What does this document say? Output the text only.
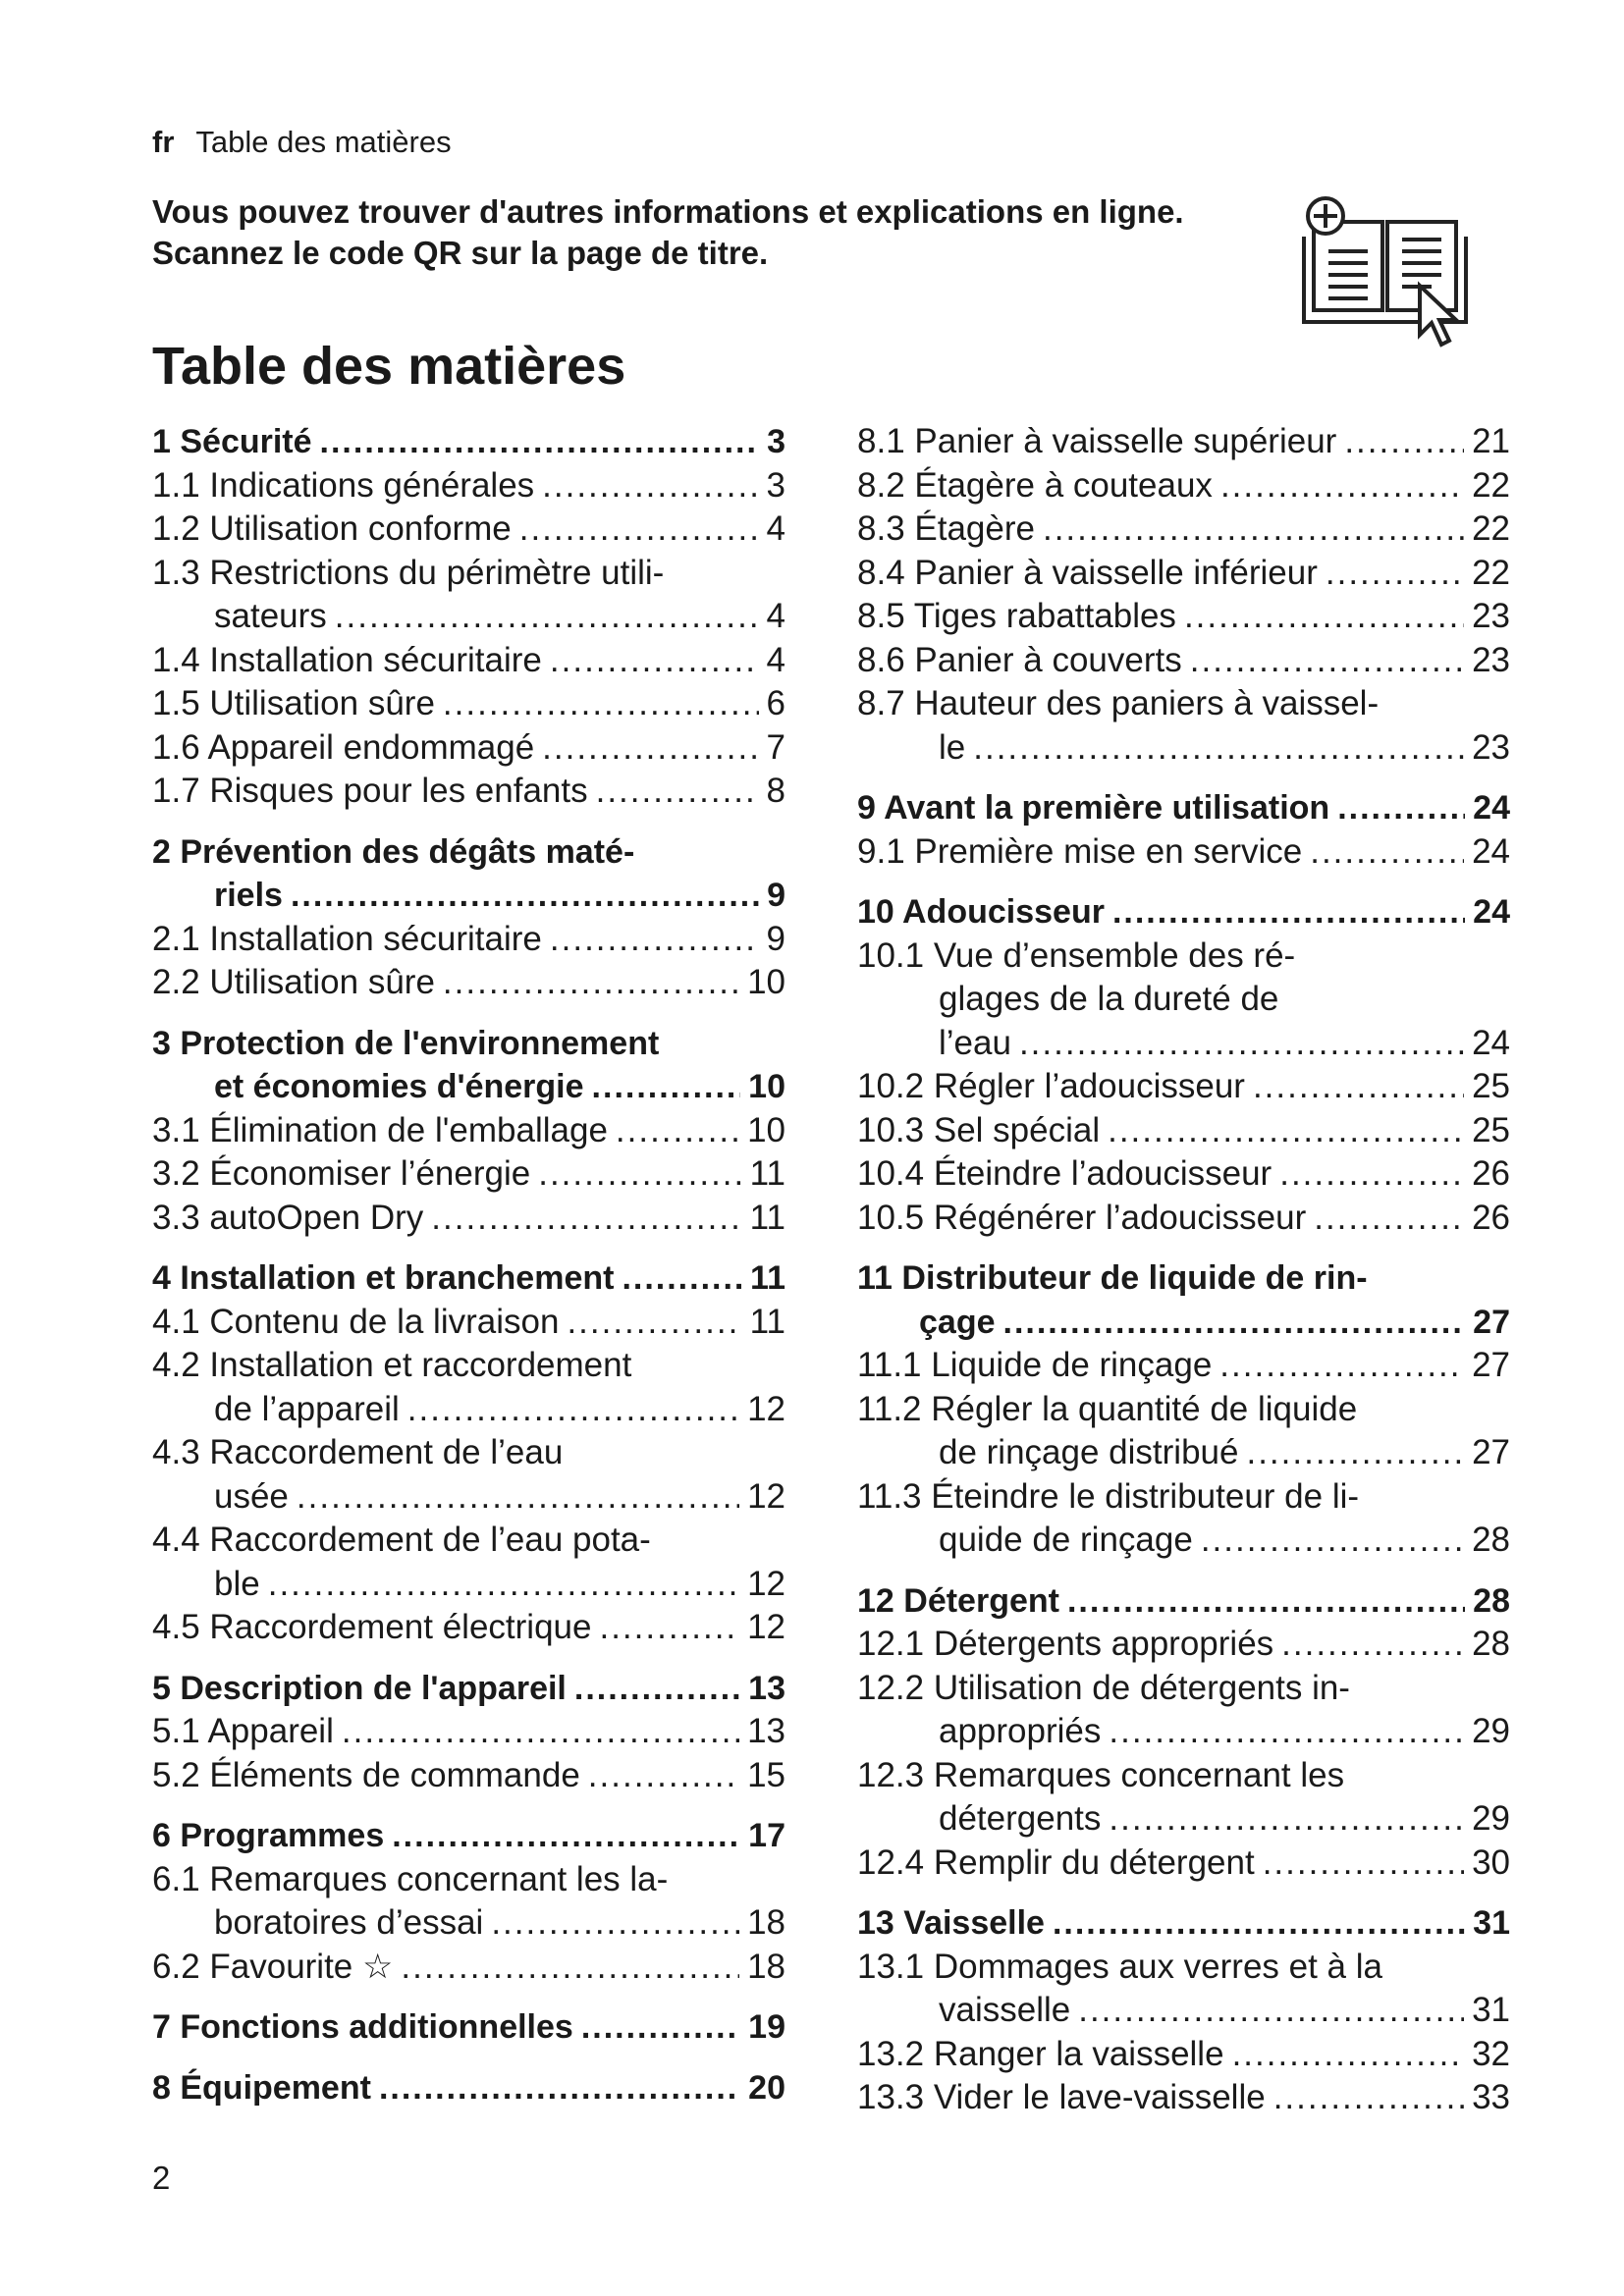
fr Table des matières
Vous pouvez trouver d'autres informations et explications en ligne. Scannez le code QR sur la page de titre.
Table des matières
1 Sécurité .....	3
1.1 Indications générales .....	3
1.2 Utilisation conforme .....	4
1.3 Restrictions du périmètre utili-
sateurs .....	4
1.4 Installation sécuritaire .....	4
1.5 Utilisation sûre .....	6
1.6 Appareil endommagé .....	7
1.7 Risques pour les enfants .....	8
2 Prévention des dégâts maté-
riels .....	9
2.1 Installation sécuritaire .....	9
2.2 Utilisation sûre .....	10
3 Protection de l'environnement
et économies d'énergie .....	10
3.1 Élimination de l'emballage .....	10
3.2 Économiser l’énergie .....	11
3.3 autoOpen Dry .....	11
4 Installation et branchement .....	11
4.1 Contenu de la livraison .....	11
4.2 Installation et raccordement
de l’appareil .....	12
4.3 Raccordement de l’eau
usée .....	12
4.4 Raccordement de l’eau pota-
ble .....	12
4.5 Raccordement électrique .....	12
5 Description de l'appareil .....	13
5.1 Appareil .....	13
5.2 Éléments de commande .....	15
6 Programmes .....	17
6.1 Remarques concernant les la-
boratoires d’essai .....	18
6.2 Favourite ☆ .....	18
7 Fonctions additionnelles .....	19
8 Équipement .....	20
8.1 Panier à vaisselle supérieur .....	21
8.2 Étagère à couteaux .....	22
8.3 Étagère .....	22
8.4 Panier à vaisselle inférieur .....	22
8.5 Tiges rabattables .....	23
8.6 Panier à couverts .....	23
8.7 Hauteur des paniers à vaissel-
le .....	23
9 Avant la première utilisation .....	24
9.1 Première mise en service .....	24
10 Adoucisseur .....	24
10.1 Vue d’ensemble des ré-
glages de la dureté de
l’eau .....	24
10.2 Régler l’adoucisseur .....	25
10.3 Sel spécial .....	25
10.4 Éteindre l’adoucisseur .....	26
10.5 Régénérer l’adoucisseur .....	26
11 Distributeur de liquide de rin-
çage .....	27
11.1 Liquide de rinçage .....	27
11.2 Régler la quantité de liquide
de rinçage distribué .....	27
11.3 Éteindre le distributeur de li-
quide de rinçage .....	28
12 Détergent .....	28
12.1 Détergents appropriés .....	28
12.2 Utilisation de détergents in-
appropriés .....	29
12.3 Remarques concernant les
détergents .....	29
12.4 Remplir du détergent .....	30
13 Vaisselle .....	31
13.1 Dommages aux verres et à la
vaisselle .....	31
13.2 Ranger la vaisselle .....	32
13.3 Vider le lave-vaisselle .....	33
2
